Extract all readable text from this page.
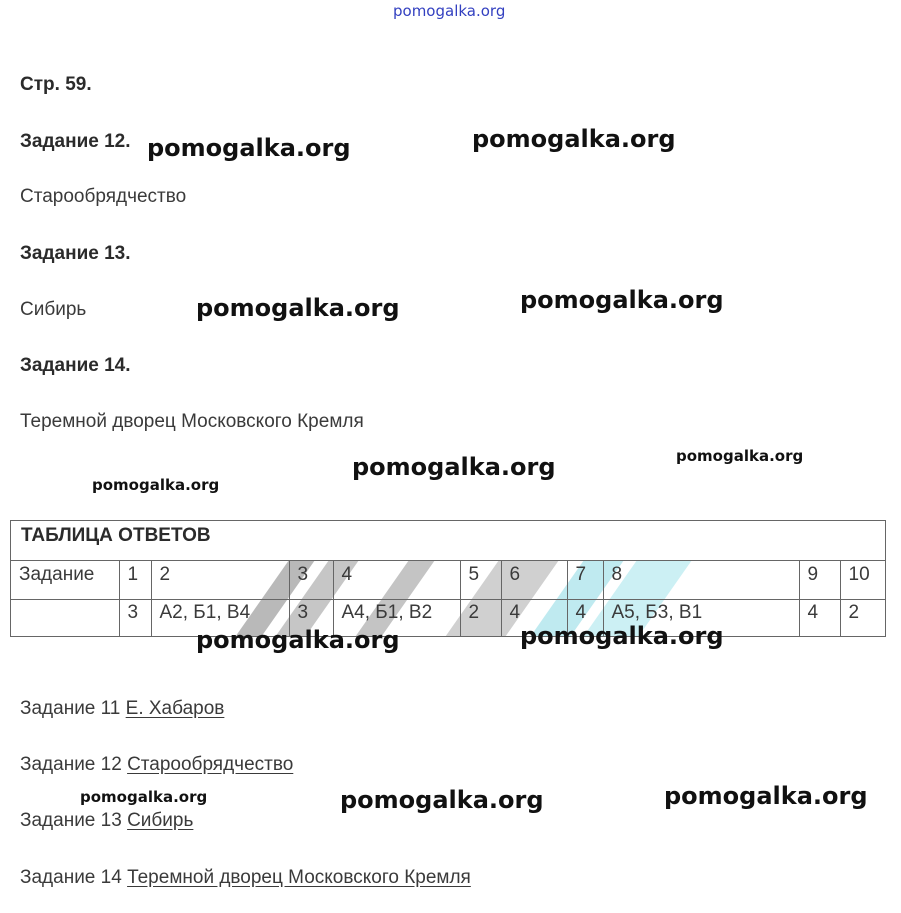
pomogalka.org
Стр. 59.
Задание 12.
Старообрядчество
Задание 13.
Сибирь
Задание 14.
Теремной дворец Московского Кремля
ТАБЛИЦА ОТВЕТОВ
Задание	1	2	3	4	5	6	7	8	9	10
	3	А2, Б1, В4	3	А4, Б1, В2	2	4	4	А5, Б3, В1	4	2
Задание 11 Е. Хабаров
Задание 12 Старообрядчество
Задание 13 Сибирь
Задание 14 Теремной дворец Московского Кремля
pomogalka.org	pomogalka.org
pomogalka.org	pomogalka.org
pomogalka.org	pomogalka.org
pomogalka.org
pomogalka.org	pomogalka.org
pomogalka.org	pomogalka.org	pomogalka.org
